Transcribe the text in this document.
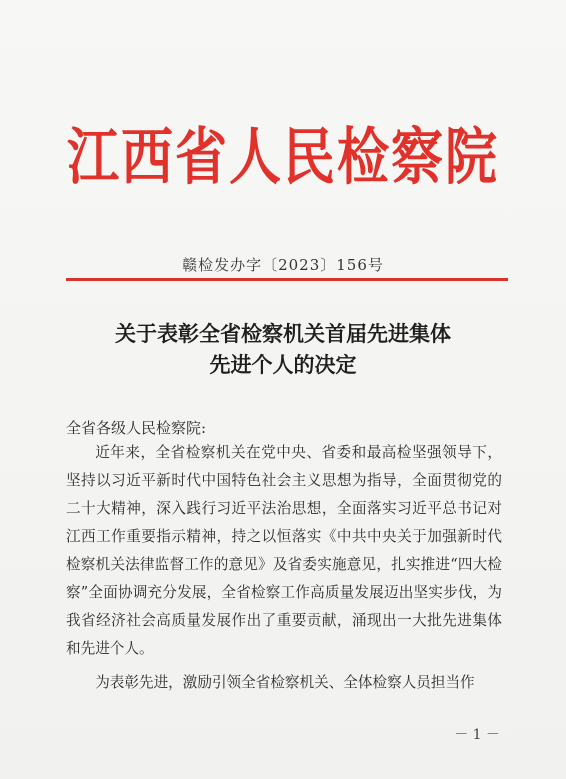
江西省人民检察院
赣检发办字〔2023〕156号
关于表彰全省检察机关首届先进集体
先进个人的决定
全省各级人民检察院:

近年来，全省检察机关在党中央、省委和最高检坚强领导下，坚持以习近平新时代中国特色社会主义思想为指导，全面贯彻党的二十大精神，深入践行习近平法治思想，全面落实习近平总书记对江西工作重要指示精神，持之以恒落实《中共中央关于加强新时代检察机关法律监督工作的意见》及省委实施意见，扎实推进“四大检察”全面协调充分发展，全省检察工作高质量发展迈出坚实步伐，为我省经济社会高质量发展作出了重要贡献，涌现出一大批先进集体和先进个人。

为表彰先进，激励引领全省检察机关、全体检察人员担当作

－ 1 －
